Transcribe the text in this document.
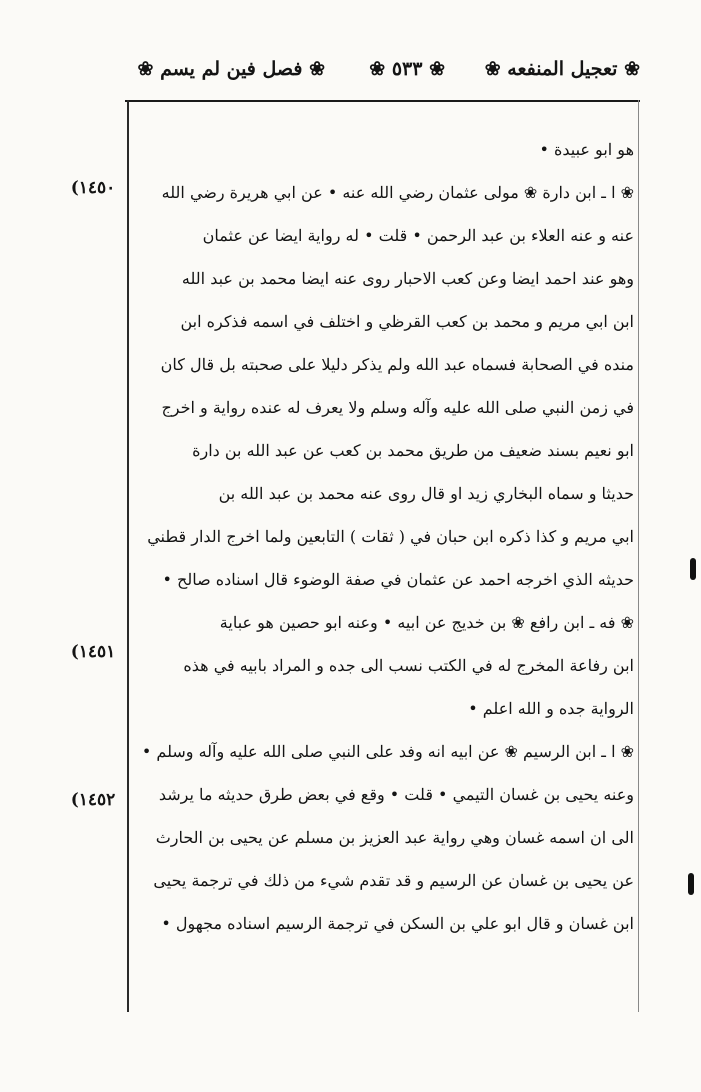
❀ تعجيل المنفعه ❀
❀ ٥٣٣ ❀
❀ فصل فين لم يسم ❀
(١٤٥٠
(١٤٥١
(١٤٥٢
هو ابو عبيدة •
❀ ا ـ ابن دارة ❀ مولى عثمان رضي الله عنه • عن ابي هريرة رضي الله
عنه و عنه العلاء بن عبد الرحمن • قلت • له رواية ايضا عن عثمان
وهو عند احمد ايضا وعن كعب الاحبار روى عنه ايضا محمد بن عبد الله
ابن ابي مريم و محمد بن كعب القرظي و اختلف في اسمه فذكره ابن
منده في الصحابة فسماه عبد الله ولم يذكر دليلا على صحبته بل قال كان
في زمن النبي صلى الله عليه وآله وسلم ولا يعرف له عنده رواية و اخرج
ابو نعيم بسند ضعيف من طريق محمد بن كعب عن عبد الله بن دارة
حديثا و سماه البخاري زيد او قال روى عنه محمد بن عبد الله بن
ابي مريم و كذا ذكره ابن حبان في ( ثقات ) التابعين ولما اخرج الدار قطني
حديثه الذي اخرجه احمد عن عثمان في صفة الوضوء قال اسناده صالح •
❀ فه ـ ابن رافع ❀ بن خديج عن ابيه • وعنه ابو حصين هو عباية
ابن رفاعة المخرج له في الكتب نسب الى جده و المراد بابيه في هذه
الرواية جده و الله اعلم •
❀ ا ـ ابن الرسيم ❀ عن ابيه انه وفد على النبي صلى الله عليه وآله وسلم •
وعنه يحيى بن غسان التيمي • قلت • وقع في بعض طرق حديثه ما يرشد
الى ان اسمه غسان وهي رواية عبد العزيز بن مسلم عن يحيى بن الحارث
عن يحيى بن غسان عن الرسيم و قد تقدم شيء من ذلك في ترجمة يحيى
ابن غسان و قال ابو علي بن السكن في ترجمة الرسيم اسناده مجهول •
